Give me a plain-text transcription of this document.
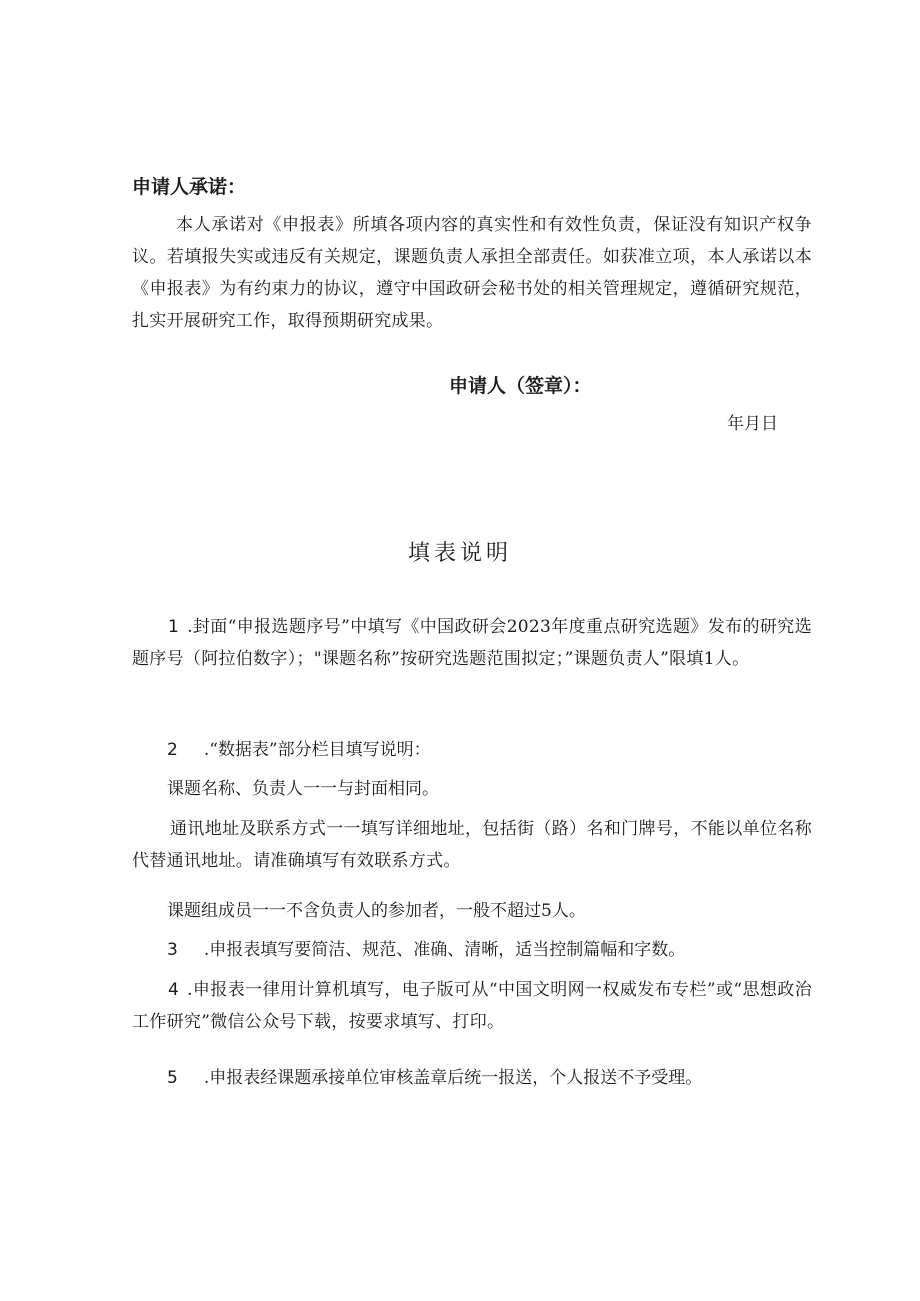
申请人承诺：
本人承诺对《申报表》所填各项内容的真实性和有效性负责，保证没有知识产权争议。若填报失实或违反有关规定，课题负责人承担全部责任。如获准立项，本人承诺以本《申报表》为有约束力的协议，遵守中国政研会秘书处的相关管理规定，遵循研究规范，扎实开展研究工作，取得预期研究成果。
申请人（签章）：
年月日
填表说明
1 .封面“申报选题序号”中填写《中国政研会2023年度重点研究选题》发布的研究选题序号（阿拉伯数字）；"课题名称”按研究选题范围拟定；”课题负责人”限填1人。
2 .“数据表”部分栏目填写说明：
课题名称、负责人一一与封面相同。
通讯地址及联系方式一一填写详细地址，包括街（路）名和门牌号，不能以单位名称代替通讯地址。请准确填写有效联系方式。
课题组成员一一不含负责人的参加者，一般不超过5人。
3 .申报表填写要简洁、规范、准确、清晰，适当控制篇幅和字数。
4 .申报表一律用计算机填写，电子版可从“中国文明网一权威发布专栏”或“思想政治工作研究”微信公众号下载，按要求填写、打印。
5 .申报表经课题承接单位审核盖章后统一报送，个人报送不予受理。
